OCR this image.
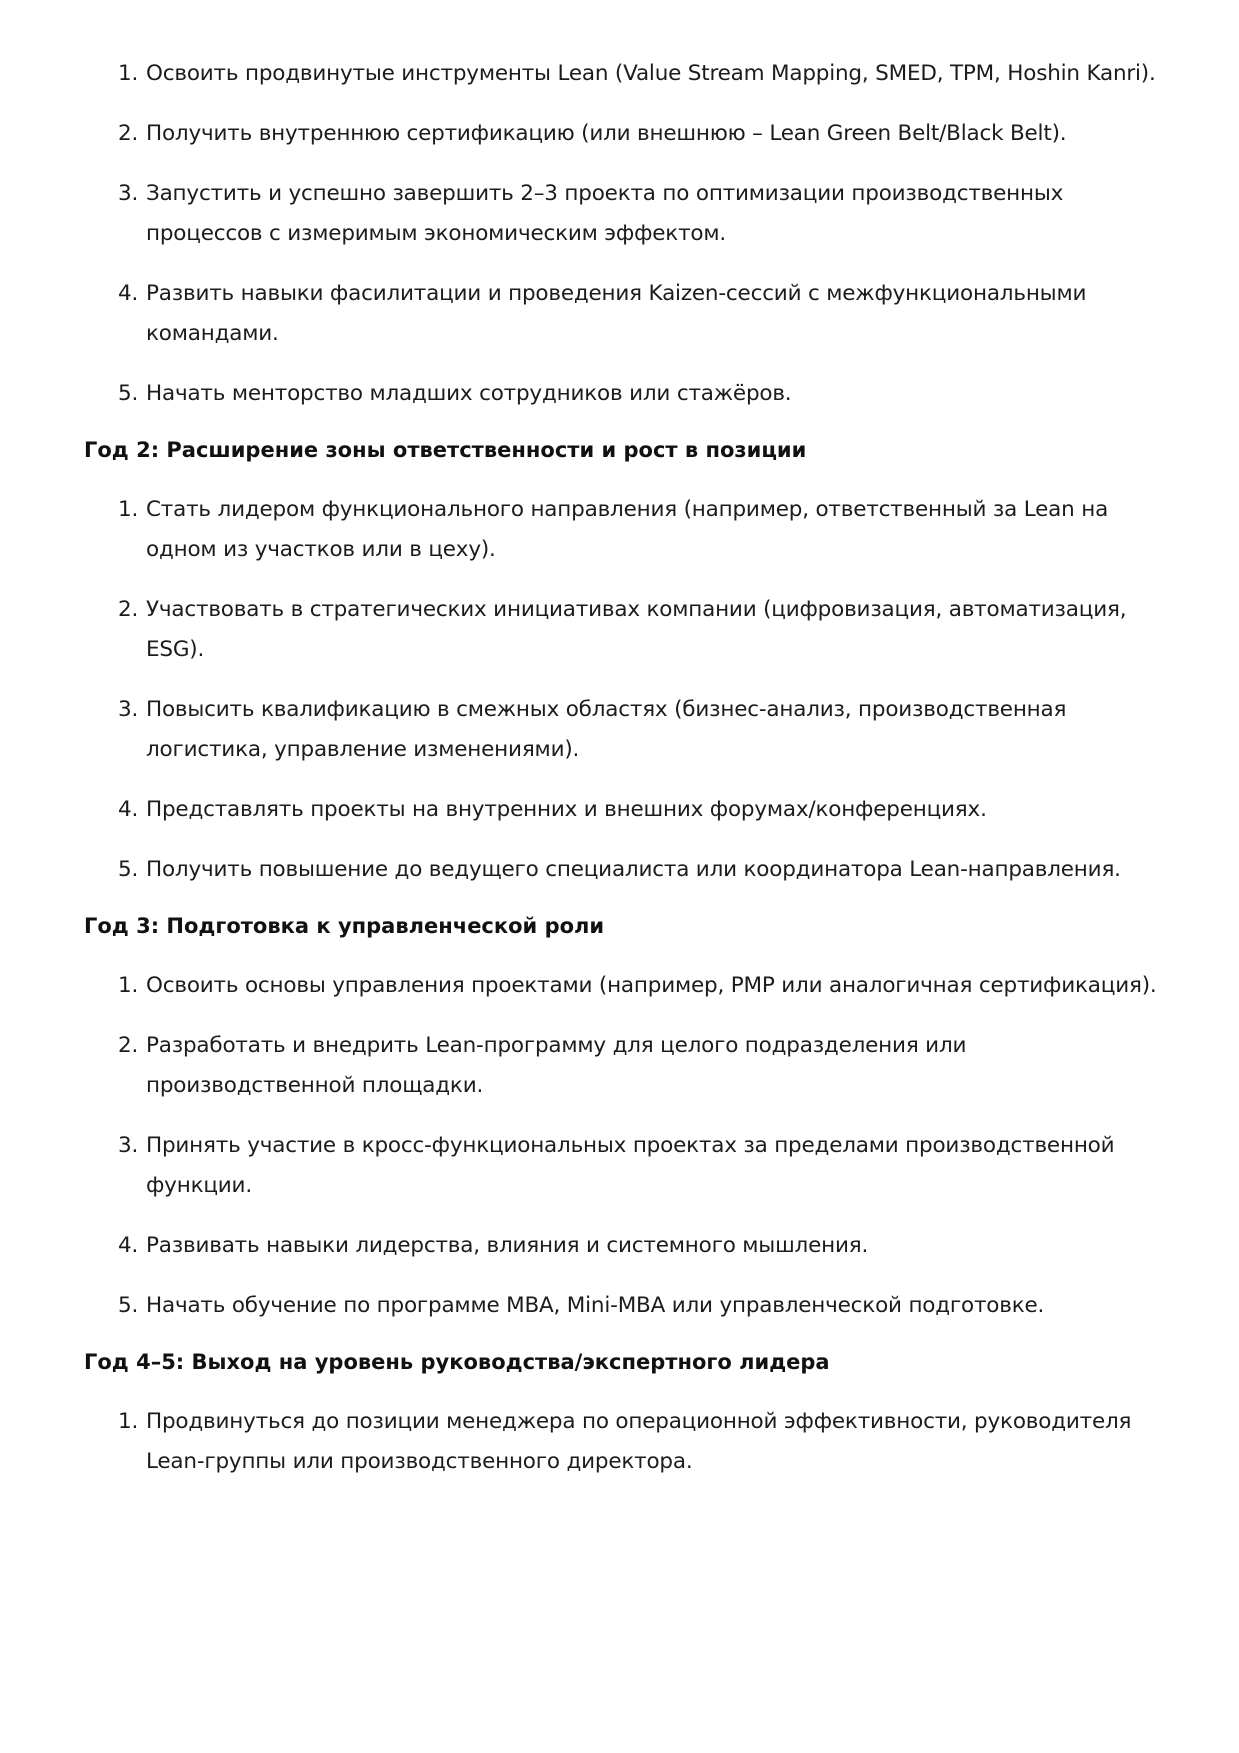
1. Освоить продвинутые инструменты Lean (Value Stream Mapping, SMED, TPM, Hoshin Kanri).
2. Получить внутреннюю сертификацию (или внешнюю – Lean Green Belt/Black Belt).
3. Запустить и успешно завершить 2–3 проекта по оптимизации производственных процессов с измеримым экономическим эффектом.
4. Развить навыки фасилитации и проведения Kaizen-сессий с межфункциональными командами.
5. Начать менторство младших сотрудников или стажёров.
Год 2: Расширение зоны ответственности и рост в позиции
1. Стать лидером функционального направления (например, ответственный за Lean на одном из участков или в цеху).
2. Участвовать в стратегических инициативах компании (цифровизация, автоматизация, ESG).
3. Повысить квалификацию в смежных областях (бизнес-анализ, производственная логистика, управление изменениями).
4. Представлять проекты на внутренних и внешних форумах/конференциях.
5. Получить повышение до ведущего специалиста или координатора Lean-направления.
Год 3: Подготовка к управленческой роли
1. Освоить основы управления проектами (например, PMP или аналогичная сертификация).
2. Разработать и внедрить Lean-программу для целого подразделения или производственной площадки.
3. Принять участие в кросс-функциональных проектах за пределами производственной функции.
4. Развивать навыки лидерства, влияния и системного мышления.
5. Начать обучение по программе MBA, Mini-MBA или управленческой подготовке.
Год 4–5: Выход на уровень руководства/экспертного лидера
1. Продвинуться до позиции менеджера по операционной эффективности, руководителя Lean-группы или производственного директора.
